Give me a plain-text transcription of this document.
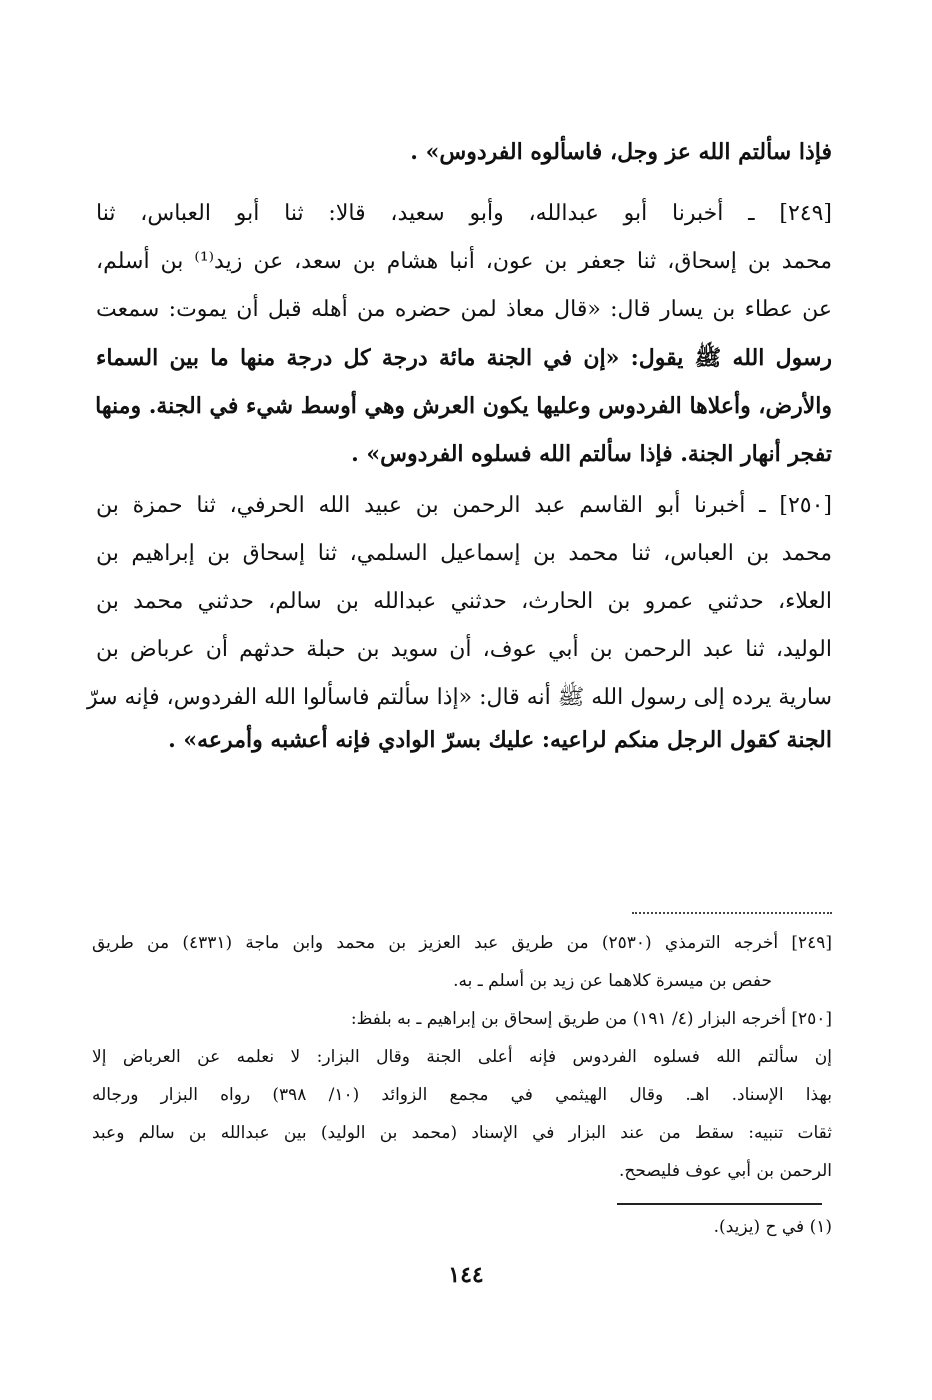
فإذا سألتم الله عز وجل، فاسألوه الفردوس» .
[٢٤٩] ـ أخبرنا أبو عبدالله، وأبو سعيد، قالا: ثنا أبو العباس، ثنا
محمد بن إسحاق، ثنا جعفر بن عون، أنبا هشام بن سعد، عن زيد⁽¹⁾ بن أسلم،
عن عطاء بن يسار قال: «قال معاذ لمن حضره من أهله قبل أن يموت: سمعت
رسول الله ﷺ يقول: «إن في الجنة مائة درجة كل درجة منها ما بين السماء
والأرض، وأعلاها الفردوس وعليها يكون العرش وهي أوسط شيء في الجنة. ومنها
تفجر أنهار الجنة. فإذا سألتم الله فسلوه الفردوس» .
[٢٥٠] ـ أخبرنا أبو القاسم عبد الرحمن بن عبيد الله الحرفي، ثنا حمزة بن
محمد بن العباس، ثنا محمد بن إسماعيل السلمي، ثنا إسحاق بن إبراهيم بن
العلاء، حدثني عمرو بن الحارث، حدثني عبدالله بن سالم، حدثني محمد بن
الوليد، ثنا عبد الرحمن بن أبي عوف، أن سويد بن حبلة حدثهم أن عرباض بن
سارية يرده إلى رسول الله ﷺ أنه قال: «إذا سألتم فاسألوا الله الفردوس، فإنه سرّ
الجنة كقول الرجل منكم لراعيه: عليك بسرّ الوادي فإنه أعشبه وأمرعه» .
[٢٤٩] أخرجه الترمذي (٢٥٣٠) من طريق عبد العزيز بن محمد وابن ماجة (٤٣٣١) من طريق
حفص بن ميسرة كلاهما عن زيد بن أسلم ـ به.
[٢٥٠] أخرجه البزار (٤/ ١٩١) من طريق إسحاق بن إبراهيم ـ به بلفظ:
إن سألتم الله فسلوه الفردوس فإنه أعلى الجنة وقال البزار: لا نعلمه عن العرباض إلا
بهذا الإسناد. اهـ. وقال الهيثمي في مجمع الزوائد (١٠/ ٣٩٨) رواه البزار ورجاله
ثقات تنبيه: سقط من عند البزار في الإسناد (محمد بن الوليد) بين عبدالله بن سالم وعبد
الرحمن بن أبي عوف فليصحح.
(١) في ح (يزيد).
١٤٤
